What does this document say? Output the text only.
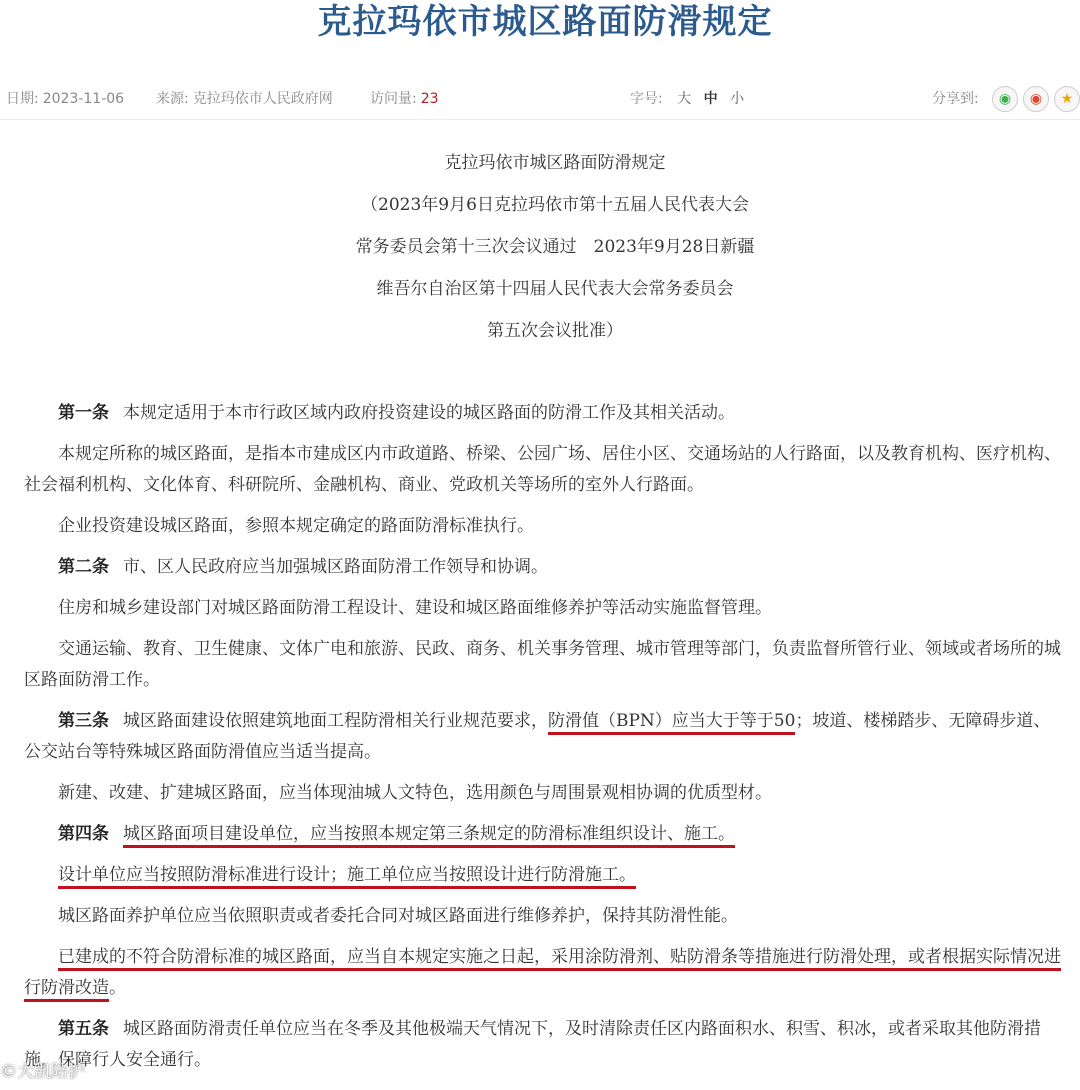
克拉玛依市城区路面防滑规定
日期: 2023-11-06 来源: 克拉玛依市人民政府网	访问量: 23	字号: 大 中 小	分享到:	◉	◉	★
克拉玛依市城区路面防滑规定
（2023年9月6日克拉玛依市第十五届人民代表大会
常务委员会第十三次会议通过　2023年9月28日新疆
维吾尔自治区第十四届人民代表大会常务委员会
第五次会议批准）

第一条 本规定适用于本市行政区域内政府投资建设的城区路面的防滑工作及其相关活动。

本规定所称的城区路面，是指本市建成区内市政道路、桥梁、公园广场、居住小区、交通场站的人行路面，以及教育机构、医疗机构、社会福利机构、文化体育、科研院所、金融机构、商业、党政机关等场所的室外人行路面。

企业投资建设城区路面，参照本规定确定的路面防滑标准执行。

第二条 市、区人民政府应当加强城区路面防滑工作领导和协调。

住房和城乡建设部门对城区路面防滑工程设计、建设和城区路面维修养护等活动实施监督管理。

交通运输、教育、卫生健康、文体广电和旅游、民政、商务、机关事务管理、城市管理等部门，负责监督所管行业、领域或者场所的城区路面防滑工作。

第三条 城区路面建设依照建筑地面工程防滑相关行业规范要求，防滑值（BPN）应当大于等于50；坡道、楼梯踏步、无障碍步道、公交站台等特殊城区路面防滑值应当适当提高。

新建、改建、扩建城区路面，应当体现油城人文特色，选用颜色与周围景观相协调的优质型材。

第四条 城区路面项目建设单位，应当按照本规定第三条规定的防滑标准组织设计、施工。

设计单位应当按照防滑标准进行设计；施工单位应当按照设计进行防滑施工。

城区路面养护单位应当依照职责或者委托合同对城区路面进行维修养护，保持其防滑性能。

已建成的不符合防滑标准的城区路面，应当自本规定实施之日起，采用涂防滑剂、贴防滑条等措施进行防滑处理，或者根据实际情况进行防滑改造。

第五条 城区路面防滑责任单位应当在冬季及其他极端天气情况下，及时清除责任区内路面积水、积雪、积冰，或者采取其他防滑措施，保障行人安全通行。

©大凯陪护
